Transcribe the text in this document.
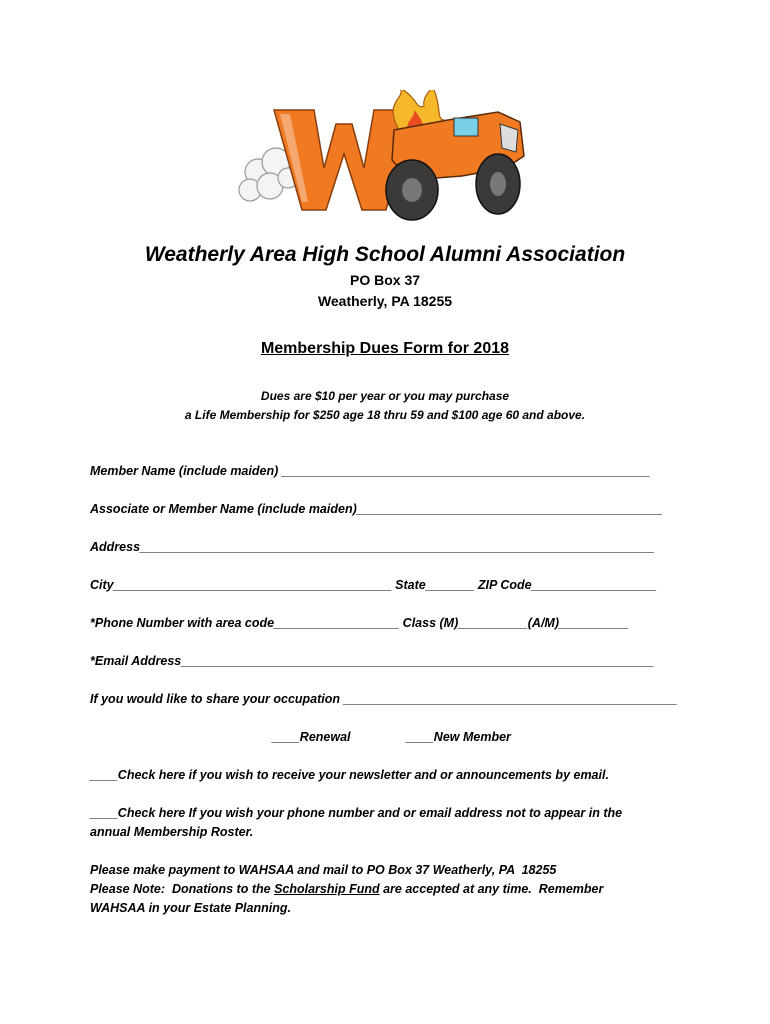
Weatherly Area High School Alumni Association
PO Box 37
Weatherly, PA 18255
Membership Dues Form for 2018
Dues are $10 per year or you may purchase
a Life Membership for $250 age 18 thru 59 and $100 age 60 and above.
Member Name (include maiden) _____________________________________________________
Associate or Member Name (include maiden)____________________________________________
Address__________________________________________________________________________
City________________________________________ State_______ ZIP Code__________________
*Phone Number with area code__________________ Class (M)__________(A/M)__________
*Email Address____________________________________________________________________
If you would like to share your occupation ________________________________________________
____Renewal	____New Member
____Check here if you wish to receive your newsletter and or announcements by email.
____Check here If you wish your phone number and or email address not to appear in the
annual Membership Roster.
Please make payment to WAHSAA and mail to PO Box 37 Weatherly, PA  18255
Please Note:  Donations to the Scholarship Fund are accepted at any time.  Remember
WAHSAA in your Estate Planning.
